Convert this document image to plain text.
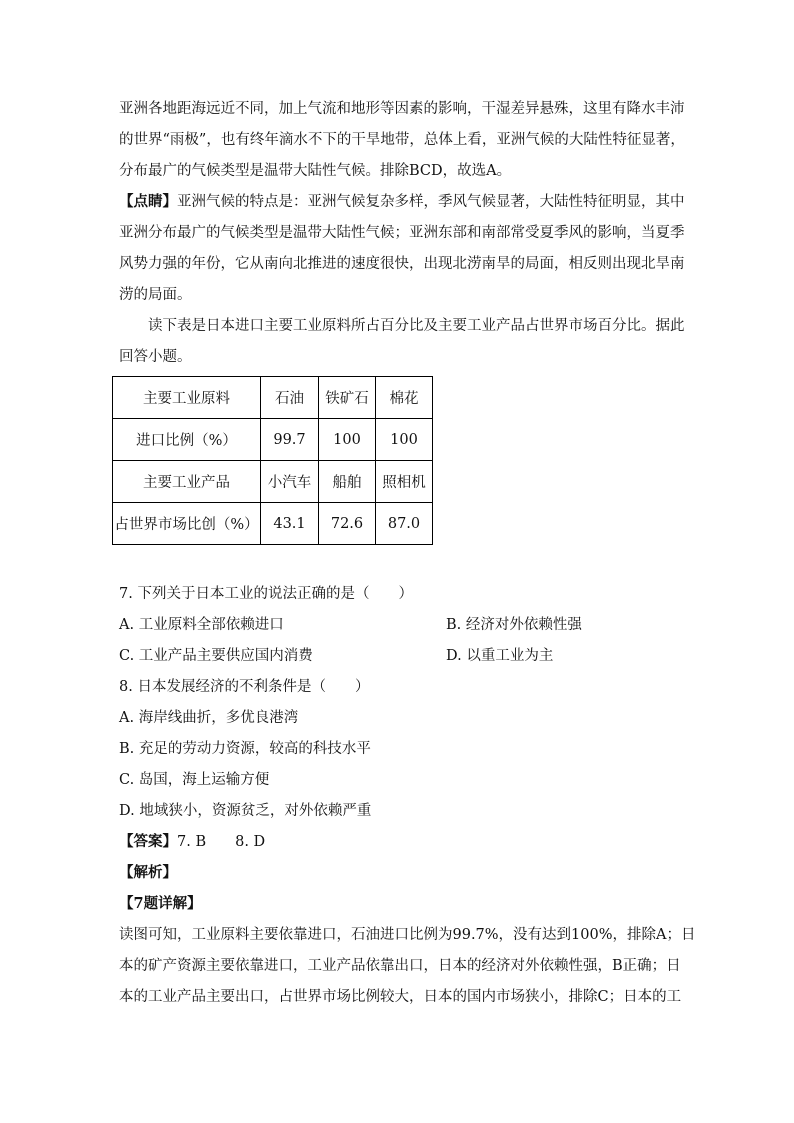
亚洲各地距海远近不同，加上气流和地形等因素的影响，干湿差异悬殊，这里有降水丰沛
的世界“雨极”，也有终年滴水不下的干旱地带，总体上看，亚洲气候的大陆性特征显著，
分布最广的气候类型是温带大陆性气候。排除BCD，故选A。
【点睛】亚洲气候的特点是：亚洲气候复杂多样，季风气候显著，大陆性特征明显，其中
亚洲分布最广的气候类型是温带大陆性气候；亚洲东部和南部常受夏季风的影响，当夏季
风势力强的年份，它从南向北推进的速度很快，出现北涝南旱的局面，相反则出现北旱南
涝的局面。
读下表是日本进口主要工业原料所占百分比及主要工业产品占世界市场百分比。据此
回答小题。
主要工业原料	石油	铁矿石	棉花
进口比例（%）	99.7	100	100
主要工业产品	小汽车	船舶	照相机
占世界市场比创（%）	43.1	72.6	87.0
7. 下列关于日本工业的说法正确的是（　　）
A. 工业原料全部依赖进口	B. 经济对外依赖性强
C. 工业产品主要供应国内消费	D. 以重工业为主
8. 日本发展经济的不利条件是（　　）
A. 海岸线曲折，多优良港湾
B. 充足的劳动力资源，较高的科技水平
C. 岛国，海上运输方便
D. 地域狭小，资源贫乏，对外依赖严重
【答案】7. B　　8. D
【解析】
【7题详解】
读图可知，工业原料主要依靠进口，石油进口比例为99.7%，没有达到100%，排除A；日
本的矿产资源主要依靠进口，工业产品依靠出口，日本的经济对外依赖性强，B正确；日
本的工业产品主要出口，占世界市场比例较大，日本的国内市场狭小，排除C；日本的工
